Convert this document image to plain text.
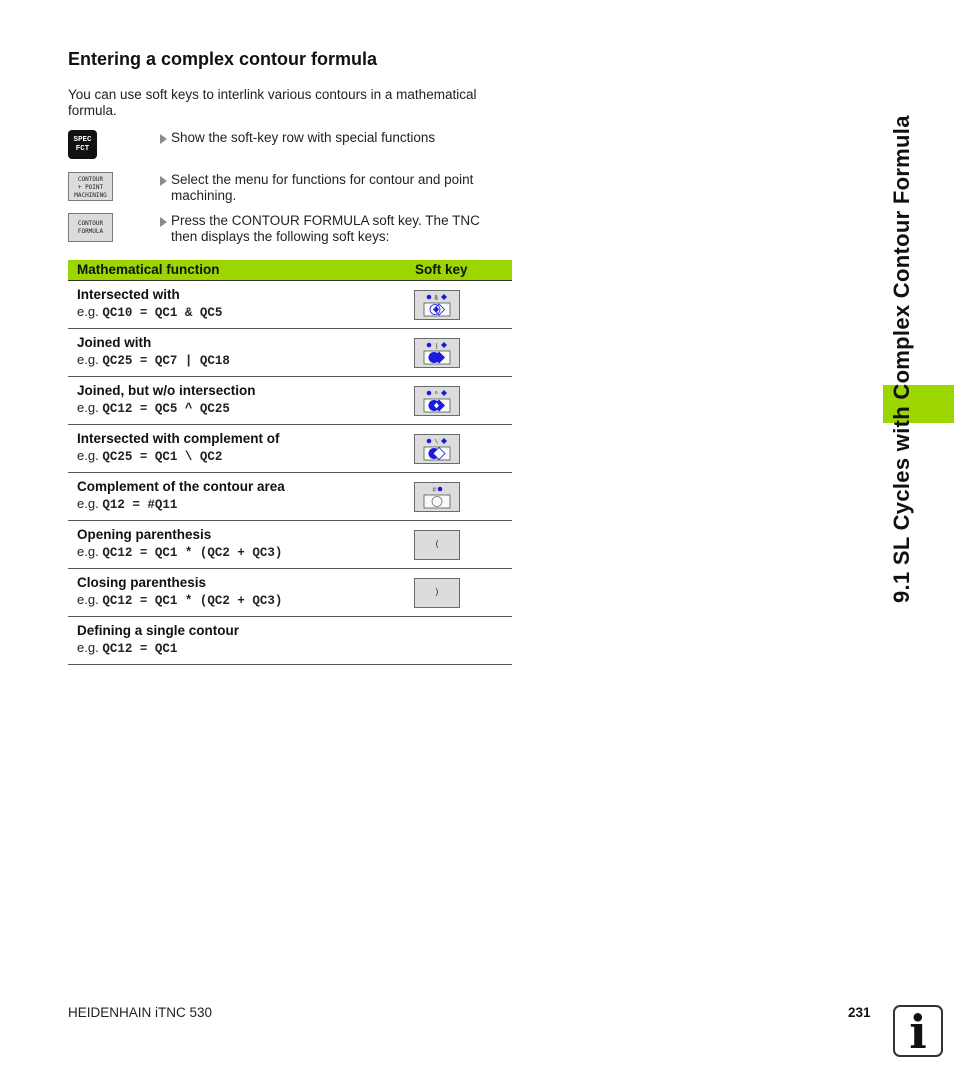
Entering a complex contour formula
You can use soft keys to interlink various contours in a mathematical formula.
SPEC
FCT
Show the soft-key row with special functions
CONTOUR
+ POINT
MACHINING
Select the menu for functions for contour and point machining.
CONTOUR
FORMULA
Press the CONTOUR FORMULA soft key. The TNC then displays the following soft keys:
Mathematical function	Soft key
Intersected with
e.g. QC10 = QC1 & QC5
&
Joined with
e.g. QC25 = QC7 | QC18
|
Joined, but w/o intersection
e.g. QC12 = QC5 ^ QC25
^
Intersected with complement of
e.g. QC25 = QC1 \ QC2
\
Complement of the contour area
e.g. Q12 = #Q11
#
Opening parenthesis
e.g. QC12 = QC1 * (QC2 + QC3)
(
Closing parenthesis
e.g. QC12 = QC1 * (QC2 + QC3)
)
Defining a single contour
e.g. QC12 = QC1
9.1 SL Cycles with Complex Contour Formula
HEIDENHAIN iTNC 530	231 i
